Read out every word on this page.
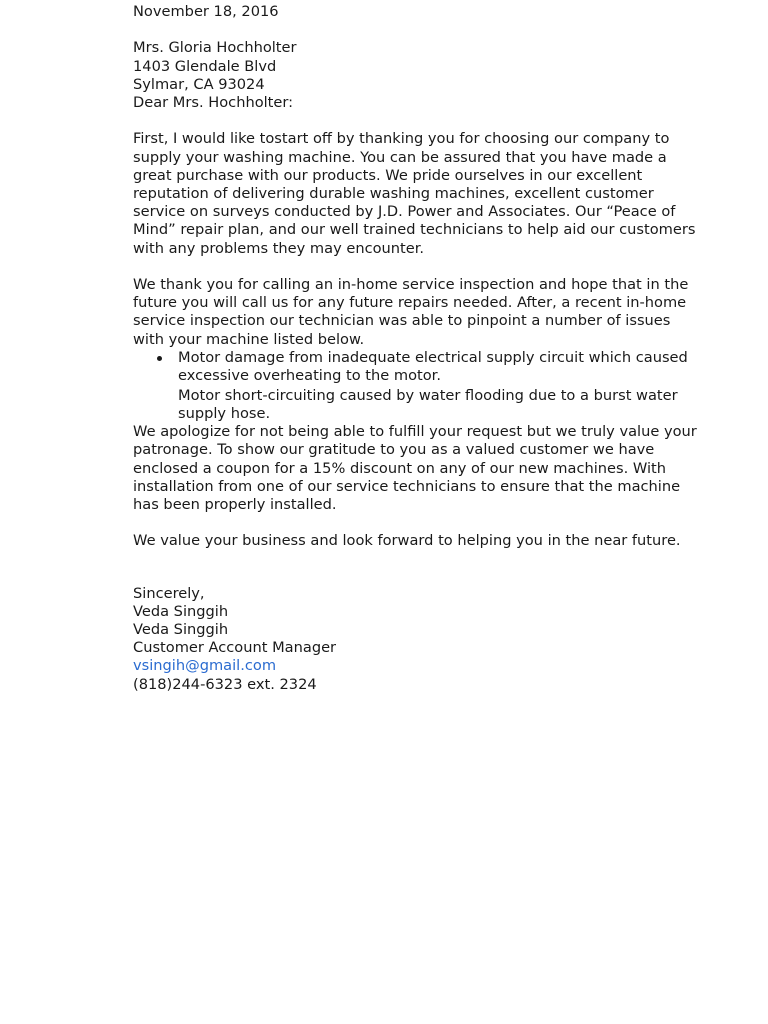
November 18, 2016
Mrs. Gloria Hochholter
1403 Glendale Blvd
Sylmar, CA 93024
Dear Mrs. Hochholter:
First, I would like tostart off by thanking you for choosing our company to
supply your washing machine. You can be assured that you have made a
great purchase with our products. We pride ourselves in our excellent
reputation of delivering durable washing machines, excellent customer
service on surveys conducted by J.D. Power and Associates. Our “Peace of
Mind” repair plan, and our well trained technicians to help aid our customers
with any problems they may encounter.
We thank you for calling an in-home service inspection and hope that in the
future you will call us for any future repairs needed. After, a recent in-home
service inspection our technician was able to pinpoint a number of issues
with your machine listed below.
Motor damage from inadequate electrical supply circuit which caused
excessive overheating to the motor.
Motor short-circuiting caused by water flooding due to a burst water
supply hose.
We apologize for not being able to fulfill your request but we truly value your
patronage. To show our gratitude to you as a valued customer we have
enclosed a coupon for a 15% discount on any of our new machines. With
installation from one of our service technicians to ensure that the machine
has been properly installed.
We value your business and look forward to helping you in the near future.
Sincerely,
Veda Singgih
Veda Singgih
Customer Account Manager
vsingih@gmail.com
(818)244-6323 ext. 2324
